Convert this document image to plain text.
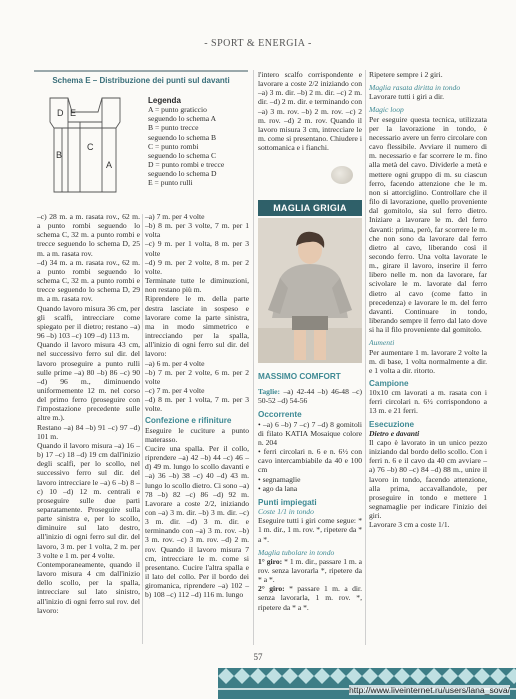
- SPORT & ENERGIA -
Schema E – Distribuzione dei punti sul davanti
D E
C
B
A
Legenda
A = punto graticcio
seguendo lo schema A
B = punto trecce
seguendo lo schema B
C = punto rombi
seguendo lo schema C
D = punto rombi e trecce
seguendo lo schema D
E = punto rulli

–c) 28 m. a m. rasata rov., 62 m. a punto rombi seguendo lo schema C, 32 m. a punto rombi e trecce seguendo lo schema D, 25 m. a m. rasata rov.

–d) 34 m. a m. rasata rov., 62 m. a punto rombi seguendo lo schema C, 32 m. a punto rombi e trecce seguendo lo schema D, 29 m. a m. rasata rov.

Quando lavoro misura 36 cm, per gli scalfi, intrecciare come spiegato per il dietro; restano –a) 96 –b) 103 –c) 109 –d) 113 m.

Quando il lavoro misura 43 cm, nel successivo ferro sul dir. del lavoro proseguire a punto rulli sulle prime –a) 80 –b) 86 –c) 90 –d) 96 m., diminuendo uniformemente 12 m. nel corso del primo ferro (proseguire con l'impostazione precedente sulle altre m.).

Restano –a) 84 –b) 91 –c) 97 –d) 101 m.

Quando il lavoro misura –a) 16 –b) 17 –c) 18 –d) 19 cm dall'inizio degli scalfi, per lo scollo, nel successivo ferro sul dir. del lavoro intrecciare le –a) 6 –b) 8 –c) 10 –d) 12 m. centrali e proseguire sulle due parti separatamente. Proseguire sulla parte sinistra e, per lo scollo, diminuire sul lato destro, all'inizio di ogni ferro sul dir. del lavoro, 3 m. per 1 volta, 2 m. per 3 volte e 1 m. per 4 volte.

Contemporaneamente, quando il lavoro misura 4 cm dall'inizio dello scollo, per la spalla, intrecciare sul lato sinistro, all'inizio di ogni ferro sul rov. del lavoro:

–a) 7 m. per 4 volte

–b) 8 m. per 3 volte, 7 m. per 1 volta

–c) 9 m. per 1 volta, 8 m. per 3 volte

–d) 9 m. per 2 volte, 8 m. per 2 volte.

Terminate tutte le diminuzioni, non restano più m.

Riprendere le m. della parte destra lasciate in sospeso e lavorare come la parte sinistra, ma in modo simmetrico e intrecciando per la spalla, all'inizio di ogni ferro sul dir. del lavoro:

–a) 6 m. per 4 volte

–b) 7 m. per 2 volte, 6 m. per 2 volte

–c) 7 m. per 4 volte

–d) 8 m. per 1 volta, 7 m. per 3 volte.

Confezione e rifiniture

Eseguire le cuciture a punto materasso.

Cucire una spalla. Per il collo, riprendere –a) 42 –b) 44 –c) 46 –d) 49 m. lungo lo scollo davanti e –a) 36 –b) 38 –c) 40 –d) 43 m. lungo lo scollo dietro. Ci sono –a) 78 –b) 82 –c) 86 –d) 92 m. Lavorare a coste 2/2, iniziando con –a) 3 m. dir. –b) 3 m. dir. –c) 3 m. dir. –d) 3 m. dir. e terminando con –a) 3 m. rov. –b) 3 m. rov. –c) 3 m. rov. –d) 2 m. rov. Quando il lavoro misura 7 cm, intrecciare le m. come si presentano. Cucire l'altra spalla e il lato del collo. Per il bordo dei giromanica, riprendere –a) 102 –b) 108 –c) 112 –d) 116 m. lungo

l'intero scalfo corrispondente e lavorare a coste 2/2 iniziando con –a) 3 m. dir. –b) 2 m. dir. –c) 2 m. dir. –d) 2 m. dir. e terminando con –a) 3 m. rov. –b) 2 m. rov. –c) 2 m. rov. –d) 2 m. rov. Quando il lavoro misura 3 cm, intrecciare le m. come si presentano. Chiudere i sottomanica e i fianchi.

MAGLIA GRIGIA

MASSIMO COMFORT

Taglie: –a) 42-44 –b) 46-48 –c) 50-52 –d) 54-56

Occorrente

• –a) 6 –b) 7 –c) 7 –d) 8 gomitoli di filato KATIA Mosaique colore n. 204

• ferri circolari n. 6 e n. 6½ con cavo intercambiabile da 40 e 100 cm

• segnamaglie

• ago da lana

Punti impiegati

Coste 1/1 in tondo

Eseguire tutti i giri come segue: * 1 m. dir., 1 m. rov. *, ripetere da * a *.

Maglia tubolare in tondo

1° giro: * 1 m. dir., passare 1 m. a rov. senza lavorarla *, ripetere da * a *.

2° giro: * passare 1 m. a dir. senza lavorarla, 1 m. rov. *, ripetere da * a *.

Ripetere sempre i 2 giri.

Maglia rasata diritta in tondo

Lavorare tutti i giri a dir.

Magic loop

Per eseguire questa tecnica, utilizzata per la lavorazione in tondo, è necessario avere un ferro circolare con cavo flessibile. Avviare il numero di m. necessario e far scorrere le m. fino alla metà del cavo. Dividerle a metà e mettere ogni gruppo di m. su ciascun ferro, facendo attenzione che le m. non si attorciglino. Controllare che il filo di lavorazione, quello proveniente dal gomitolo, sia sul ferro dietro. Iniziare a lavorare le m. del ferro davanti: prima, però, far scorrere le m. che non sono da lavorare dal ferro dietro al cavo, liberando così il secondo ferro. Una volta lavorate le m., girare il lavoro, inserire il ferro libero nelle m. non da lavorare, far scivolare le m. lavorate dal ferro dietro al cavo (come fatto in precedenza) e lavorare le m. del ferro davanti. Continuare in tondo, liberando sempre il ferro dal lato dove si ha il filo proveniente dal gomitolo.

Aumenti

Per aumentare 1 m. lavorare 2 volte la m. di base, 1 volta normalmente a dir. e 1 volta a dir. ritorto.

Campione

10x10 cm lavorati a m. rasata con i ferri circolari n. 6½ corrispondono a 13 m. e 21 ferri.

Esecuzione

Dietro e davanti

Il capo è lavorato in un unico pezzo iniziando dal bordo dello scollo. Con i ferri n. 6 e il cavo da 40 cm avviare –a) 76 –b) 80 –c) 84 –d) 88 m., unire il lavoro in tondo, facendo attenzione, alla prima, accavallandole, per proseguire in tondo e mettere 1 segnamaglie per indicare l'inizio dei giri.

Lavorare 3 cm a coste 1/1.

57
http://www.liveinternet.ru/users/lana_sova/
